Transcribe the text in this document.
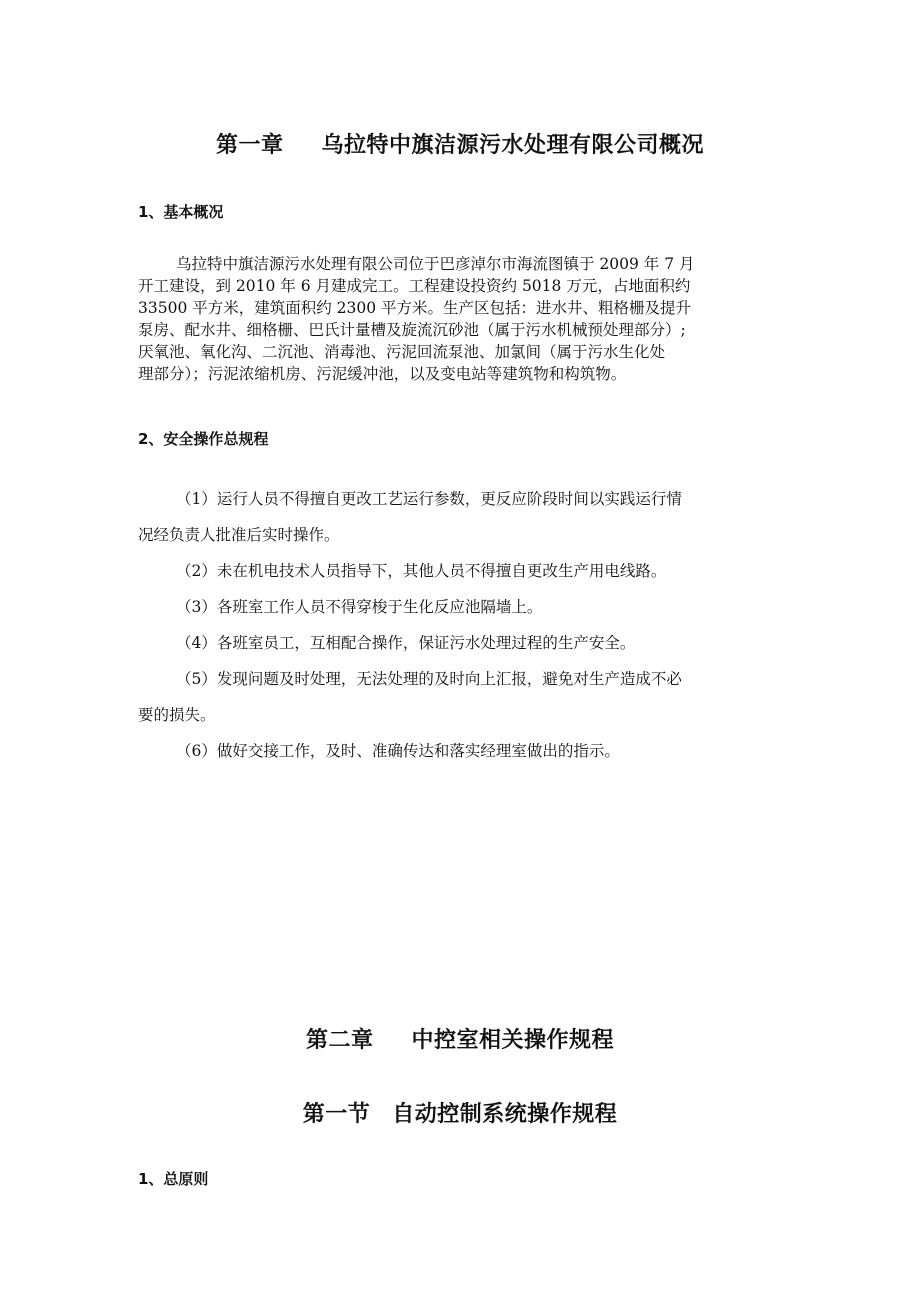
第一章 乌拉特中旗洁源污水处理有限公司概况
1、基本概况

乌拉特中旗洁源污水处理有限公司位于巴彦淖尔市海流图镇于 2009 年 7 月
开工建设，到 2010 年 6 月建成完工。工程建设投资约 5018 万元，占地面积约
33500 平方米，建筑面积约 2300 平方米。生产区包括：进水井、粗格栅及提升
泵房、配水井、细格栅、巴氏计量槽及旋流沉砂池（属于污水机械预处理部分）;
厌氧池、氧化沟、二沉池、消毒池、污泥回流泵池、加氯间（属于污水生化处
理部分）；污泥浓缩机房、污泥缓冲池，以及变电站等建筑物和构筑物。

2、安全操作总规程

（1）运行人员不得擅自更改工艺运行参数，更反应阶段时间以实践运行情
况经负责人批准后实时操作。

（2）未在机电技术人员指导下，其他人员不得擅自更改生产用电线路。

（3）各班室工作人员不得穿梭于生化反应池隔墙上。

（4）各班室员工，互相配合操作，保证污水处理过程的生产安全。

（5）发现问题及时处理，无法处理的及时向上汇报，避免对生产造成不必
要的损失。

（6）做好交接工作，及时、准确传达和落实经理室做出的指示。

第二章 中控室相关操作规程
第一节 自动控制系统操作规程
1、总原则
